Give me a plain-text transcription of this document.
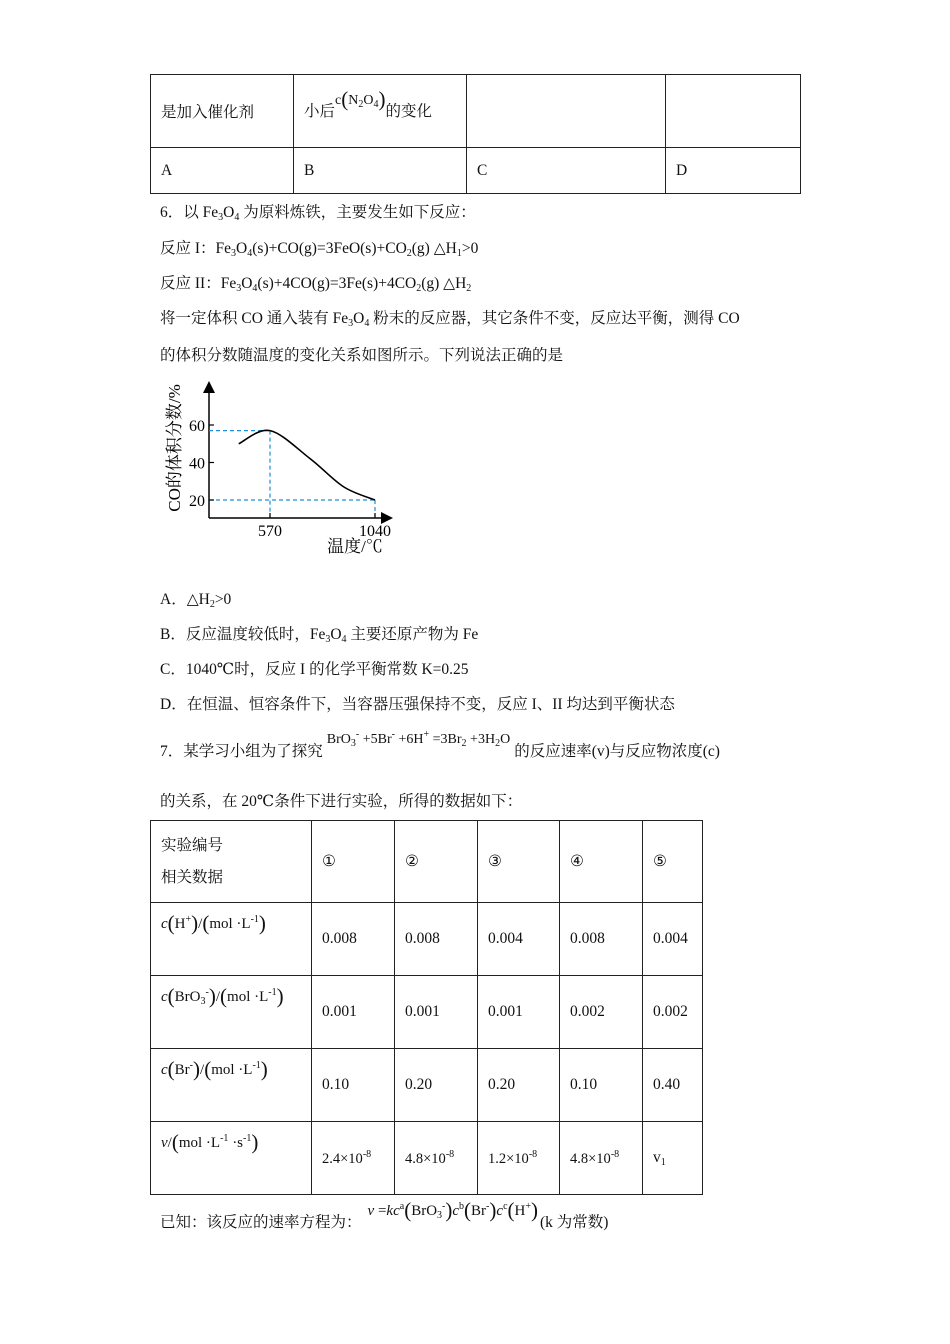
是加入催化剂	小后$c(N_2O_4)$的变化		
A	B	C	D
6．以 $Fe_3O_4$ 为原料炼铁，主要发生如下反应：
反应 I：$Fe_3O_4(s)+CO(g)=3FeO(s)+CO_2(g)$ $\triangle H_1>0$
反应 II：$Fe_3O_4(s)+4CO(g)=3Fe(s)+4CO_2(g)$ $\triangle H_2$
将一定体积 CO 通入装有 $Fe_3O_4$ 粉末的反应器，其它条件不变，反应达平衡，测得 CO
的体积分数随温度的变化关系如图所示。下列说法正确的是
20
40
60
570	1040
CO的体积分数/%
温度/℃
A．$\triangle H_2>0$
B．反应温度较低时，$Fe_3O_4$ 主要还原产物为 Fe
C．1040℃时，反应 I 的化学平衡常数 K=0.25
D．在恒温、恒容条件下，当容器压强保持不变，反应 I、II 均达到平衡状态
7．某学习小组为了探究$BrO_3^- +5Br^- +6H^+ =3Br_2 +3H_2O$的反应速率(v)与反应物浓度(c)
的关系，在 20℃条件下进行实验，所得的数据如下：
实验编号
相关数据	①	②	③	④	⑤
$c(H^+)/(mol \cdot L^{-1})$	0.008	0.008	0.004	0.008	0.004
$c(BrO_3^-)/(mol \cdot L^{-1})$	0.001	0.001	0.001	0.002	0.002
$c(Br^-)/(mol \cdot L^{-1})$	0.10	0.20	0.20	0.10	0.40
$v/(mol \cdot L^{-1} \cdot s^{-1})$	$2.4\times 10^{-8}$	$4.8\times 10^{-8}$	$1.2\times 10^{-8}$	$4.8\times 10^{-8}$	$v_1$
已知：该反应的速率方程为：$v =kc^a(BrO_3^-)c^b(Br^-)c^c(H^+)(k$ 为常数)
